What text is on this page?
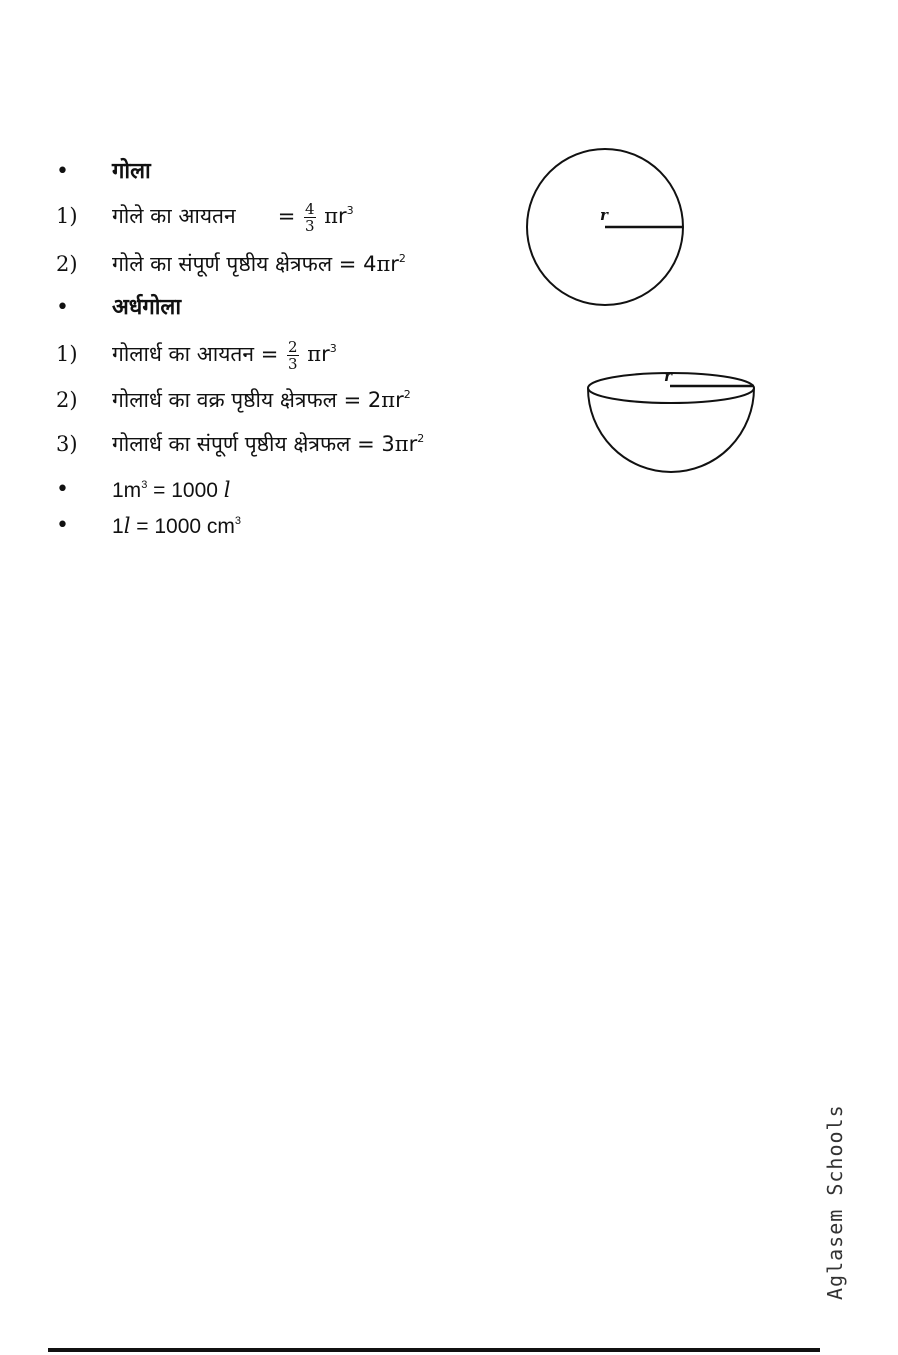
• गोला
1) गोले का आयतन = $\frac{4}{3} \pi r^3$
2) गोले का संपूर्ण पृष्ठीय क्षेत्रफल = $4\pi r^2$
• अर्धगोला
1) गोलार्ध का आयतन = $\frac{2}{3} \pi r^3$
2) गोलार्ध का वक्र पृष्ठीय क्षेत्रफल = $2\pi r^2$
3) गोलार्ध का संपूर्ण पृष्ठीय क्षेत्रफल = $3\pi r^2$
• $1m^3 = 1000$ l
• 1l = 1000 $cm^3$
r
r
Aglasem Schools
